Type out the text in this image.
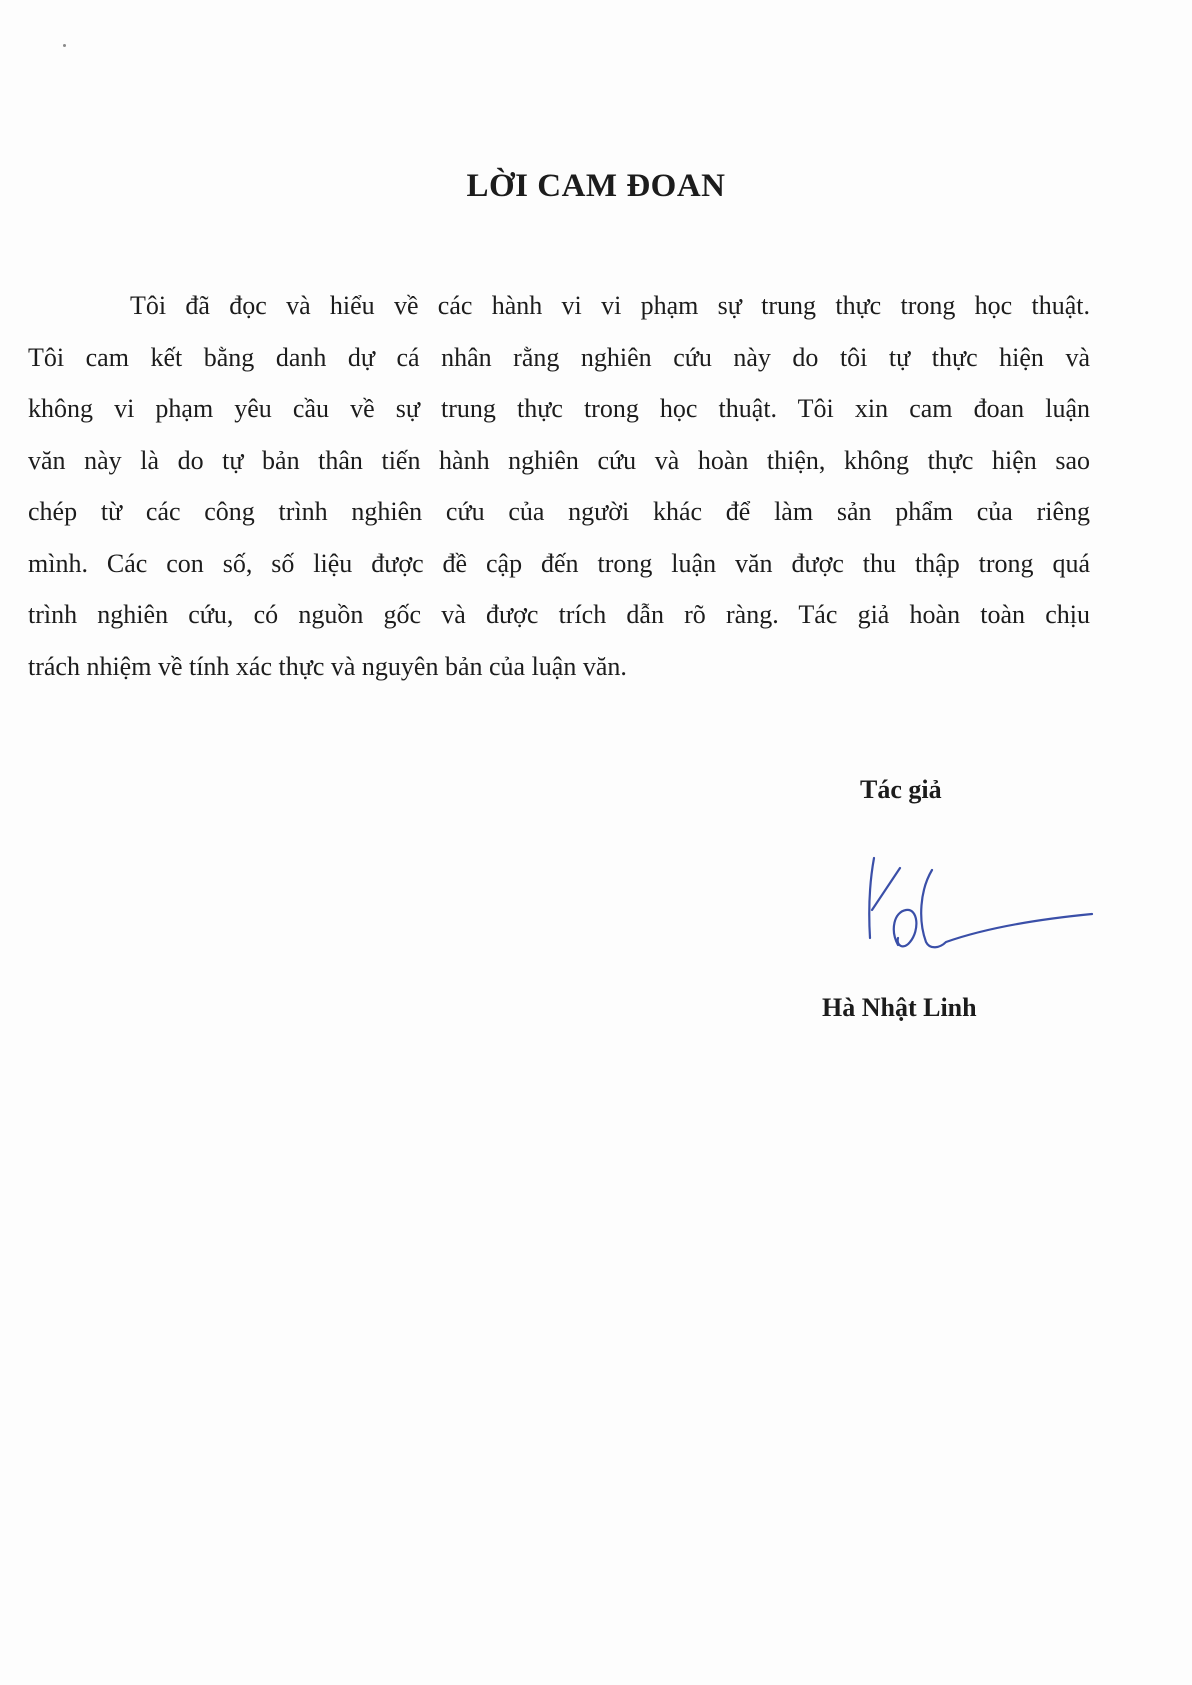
LỜI CAM ĐOAN
Tôi đã đọc và hiểu về các hành vi vi phạm sự trung thực trong học thuật.
Tôi cam kết bằng danh dự cá nhân rằng nghiên cứu này do tôi tự thực hiện và
không vi phạm yêu cầu về sự trung thực trong học thuật. Tôi xin cam đoan luận
văn này là do tự bản thân tiến hành nghiên cứu và hoàn thiện, không thực hiện sao
chép từ các công trình nghiên cứu của người khác để làm sản phẩm của riêng
mình. Các con số, số liệu được đề cập đến trong luận văn được thu thập trong quá
trình nghiên cứu, có nguồn gốc và được trích dẫn rõ ràng. Tác giả hoàn toàn chịu
trách nhiệm về tính xác thực và nguyên bản của luận văn.

Tác giả

Hà Nhật Linh
